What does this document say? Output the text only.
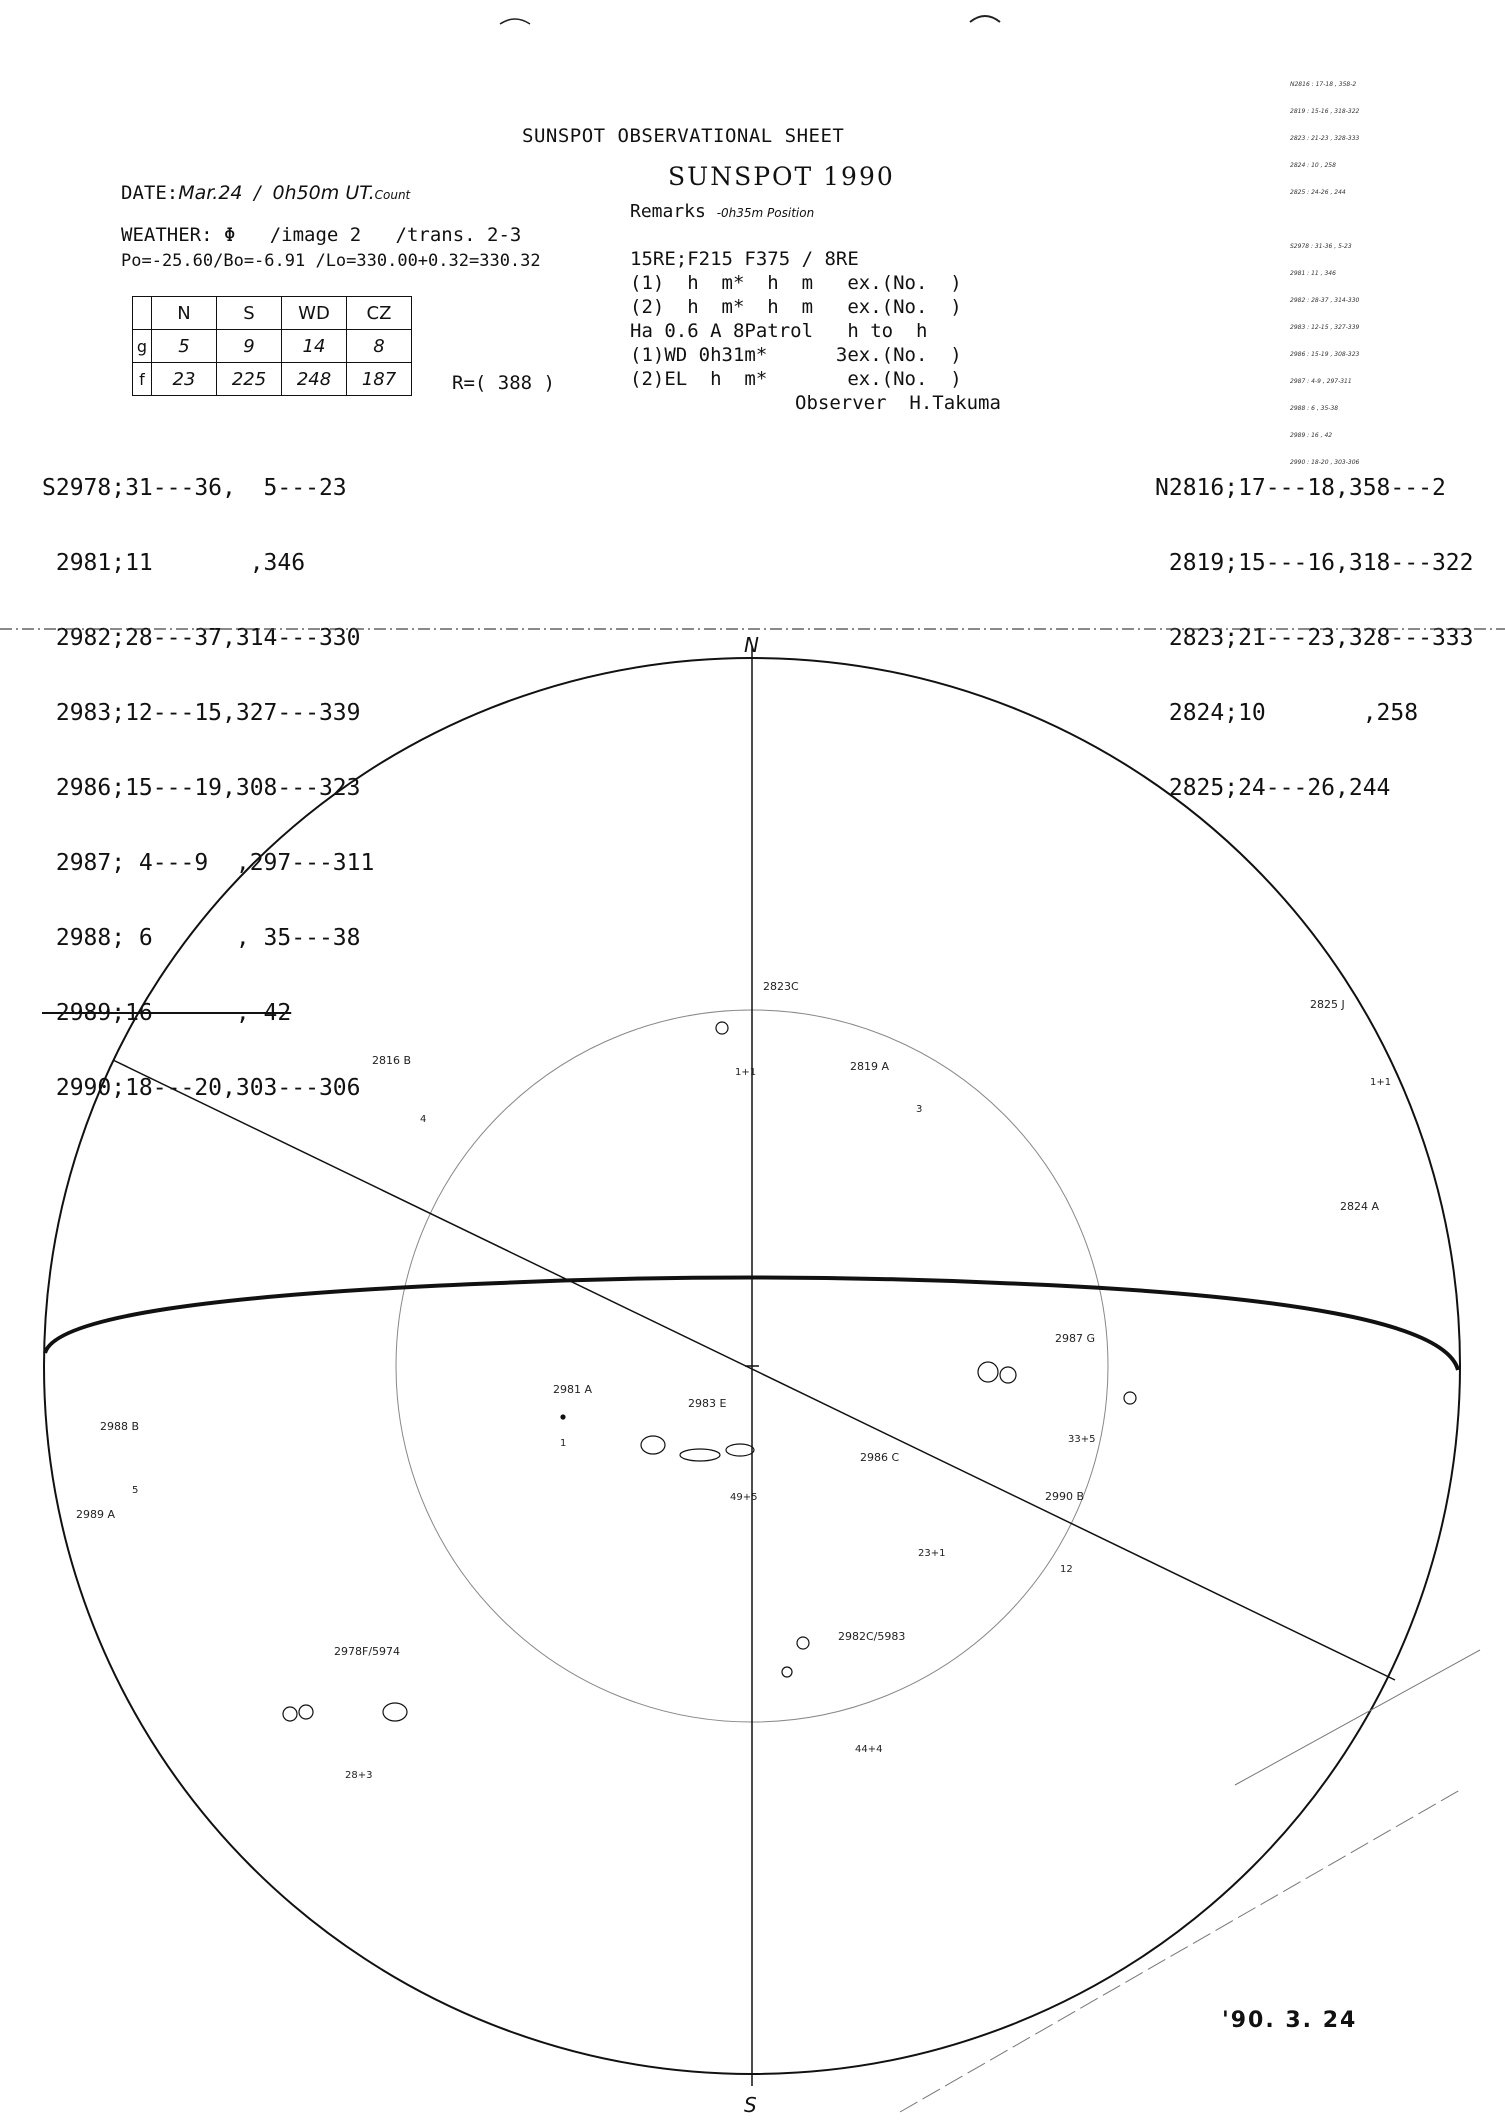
SUNSPOT OBSERVATIONAL SHEET
SUNSPOT 1990
DATE:Mar.24 /  0h50m UT.Count
WEATHER: Φ   /image 2   /trans. 2-3
Po=-25.60/Bo=-6.91 /Lo=330.00+0.32=330.32
Remarks -0h35m Position
15RE;F215 F375 / 8RE
(1)  h  m*  h  m   ex.(No.  )
(2)  h  m*  h  m   ex.(No.  )
Ha 0.6 A 8Patrol   h to  h
(1)WD 0h31m*      3ex.(No.  )
(2)EL  h  m*       ex.(No.  )
Observer  H.Takuma
	N	S	WD	CZ
g	5	9	14	8
f	23	225	248	187	R=( 388 )

S2978;31---36,  5---23

2981;11       ,346

2982;28---37,314---330

2983;12---15,327---339

2986;15---19,308---323

2987; 4---9  ,297---311

2988; 6      , 35---38

2989;16      , 42

2990;18---20,303---306

N2816;17---18,358---2

2819;15---16,318---322

2823;21---23,328---333

2824;10       ,258

2825;24---26,244

N2816 : 17-18 , 358-2

2819 : 15-16 , 318-322

2823 : 21-23 , 328-333

2824 : 10 , 258

2825 : 24-26 , 244

S2978 : 31-36 , 5-23

2981 : 11 , 346

2982 : 28-37 , 314-330

2983 : 12-15 , 327-339

2986 : 15-19 , 308-323

2987 : 4-9 , 297-311

2988 : 6 , 35-38

2989 : 16 , 42

2990 : 18-20 , 303-306

N
S
2823C
1+1	2819 A
3
2816 B
4
2825 J
1+1
2824 A
2987 G
33+5
2981 A
1
2983 E
49+5
2986 C
23+1
2990 B
12
2988 B
5
2989 A
2978F/5974
28+3
2982C/5983
44+4
'90. 3. 24
